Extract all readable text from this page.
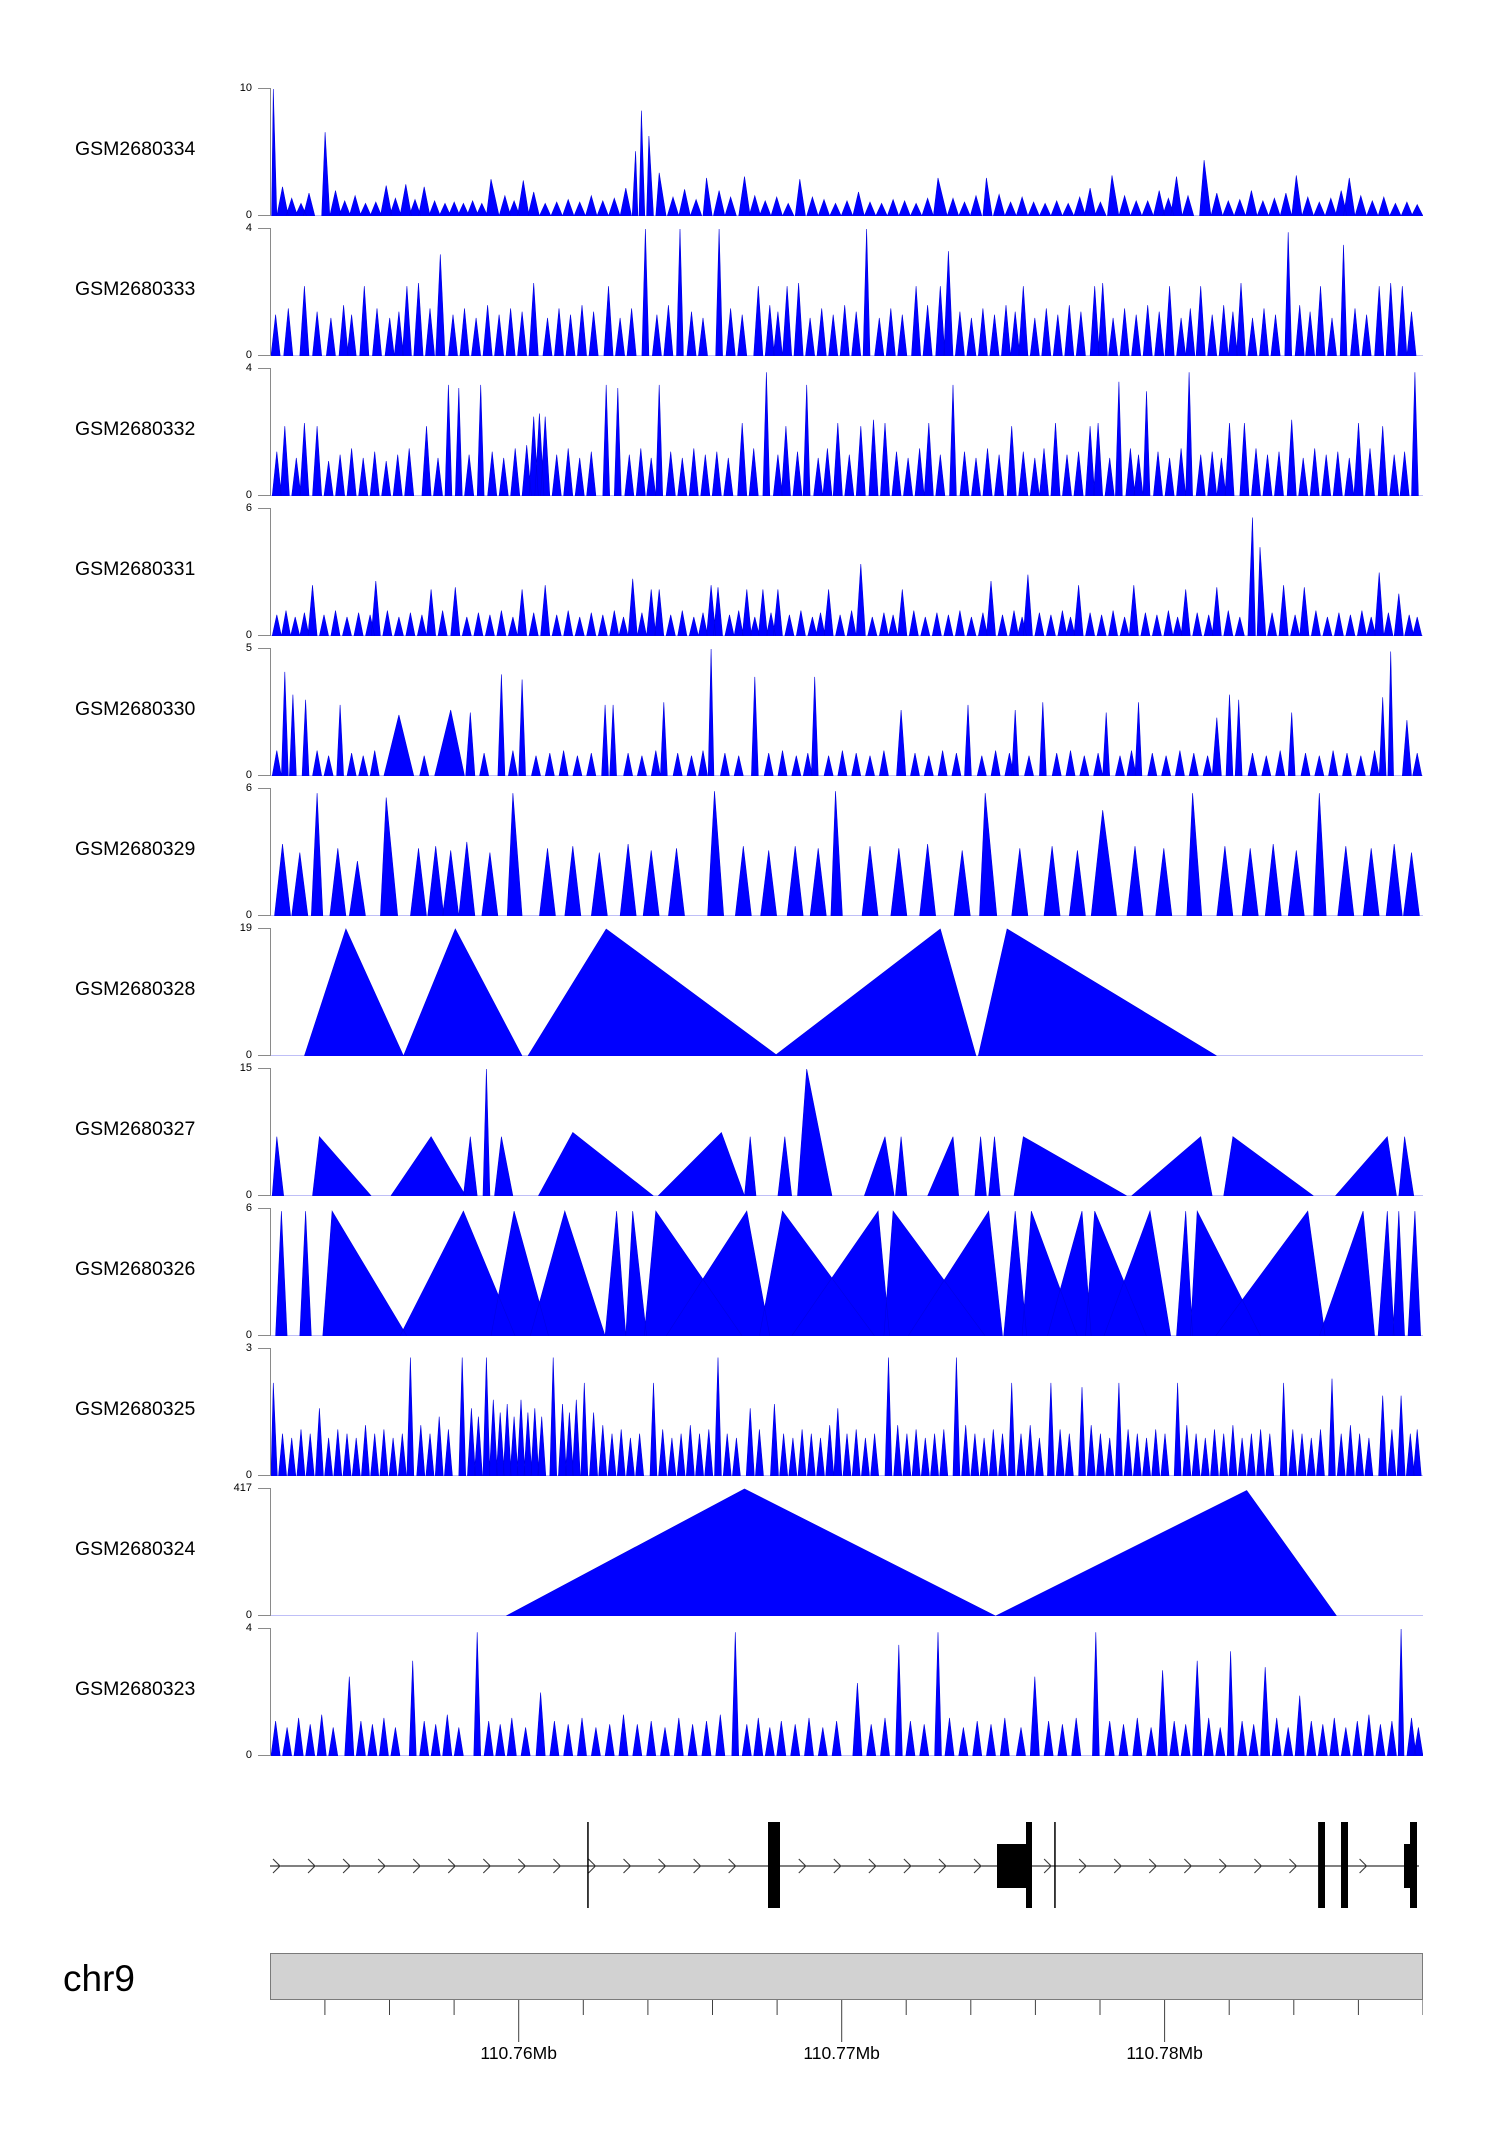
GSM2680334
10
0
GSM2680333
4
0
GSM2680332
4
0
GSM2680331
6
0
GSM2680330
5
0
GSM2680329
6
0
GSM2680328
19
0
GSM2680327
15
0
GSM2680326
6
0
GSM2680325
3
0
GSM2680324
417
0
GSM2680323
4
0
chr9
110.76Mb	110.77Mb	110.78Mb
